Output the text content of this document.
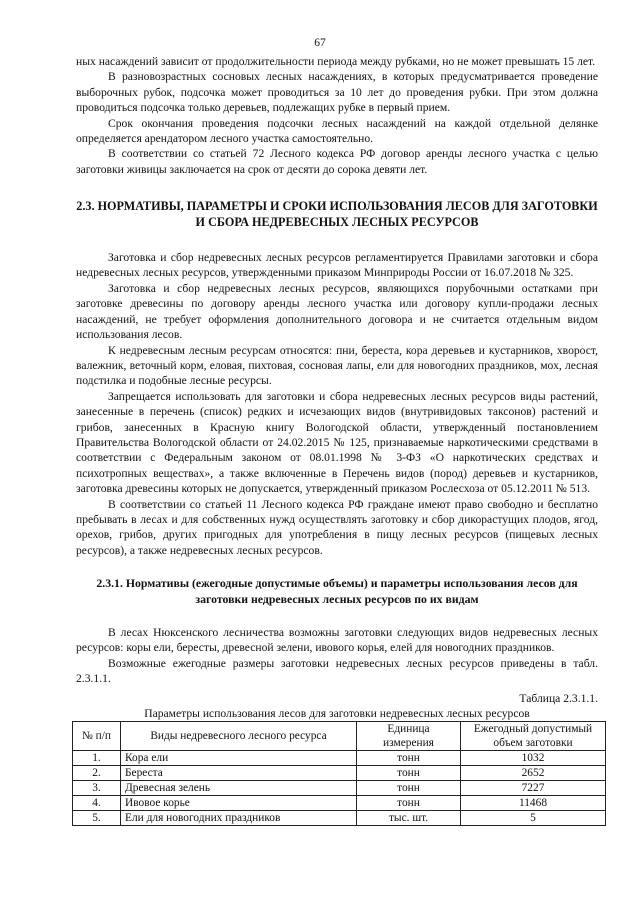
67

ных насаждений зависит от продолжительности периода между рубками, но не может превышать 15 лет.

В разновозрастных сосновых лесных насаждениях, в которых предусматривается проведение выборочных рубок, подсочка может проводиться за 10 лет до проведения рубки. При этом должна проводиться подсочка только деревьев, подлежащих рубке в первый прием.

Срок окончания проведения подсочки лесных насаждений на каждой отдельной делянке определяется арендатором лесного участка самостоятельно.

В соответствии со статьей 72 Лесного кодекса РФ договор аренды лесного участка с целью заготовки живицы заключается на срок от десяти до сорока девяти лет.

2.3. НОРМАТИВЫ, ПАРАМЕТРЫ И СРОКИ ИСПОЛЬЗОВАНИЯ ЛЕСОВ ДЛЯ ЗАГОТОВКИ И СБОРА НЕДРЕВЕСНЫХ ЛЕСНЫХ РЕСУРСОВ

Заготовка и сбор недревесных лесных ресурсов регламентируется Правилами заготовки и сбора недревесных лесных ресурсов, утвержденными приказом Минприроды России от 16.07.2018 № 325.

Заготовка и сбор недревесных лесных ресурсов, являющихся порубочными остатками при заготовке древесины по договору аренды лесного участка или договору купли-продажи лесных насаждений, не требует оформления дополнительного договора и не считается отдельным видом использования лесов.

К недревесным лесным ресурсам относятся: пни, береста, кора деревьев и кустарников, хворост, валежник, веточный корм, еловая, пихтовая, сосновая лапы, ели для новогодних праздников, мох, лесная подстилка и подобные лесные ресурсы.

Запрещается использовать для заготовки и сбора недревесных лесных ресурсов виды растений, занесенные в перечень (список) редких и исчезающих видов (внутривидовых таксонов) растений и грибов, занесенных в Красную книгу Вологодской области, утвержденный постановлением Правительства Вологодской области от 24.02.2015 № 125, признаваемые наркотическими средствами в соответствии с Федеральным законом от 08.01.1998 № 3-ФЗ «О наркотических средствах и психотропных веществах», а также включенные в Перечень видов (пород) деревьев и кустарников, заготовка древесины которых не допускается, утвержденный приказом Рослесхоза от 05.12.2011 № 513.

В соответствии со статьей 11 Лесного кодекса РФ граждане имеют право свободно и бесплатно пребывать в лесах и для собственных нужд осуществлять заготовку и сбор дикорастущих плодов, ягод, орехов, грибов, других пригодных для употребления в пищу лесных ресурсов (пищевых лесных ресурсов), а также недревесных лесных ресурсов.

2.3.1. Нормативы (ежегодные допустимые объемы) и параметры использования лесов для заготовки недревесных лесных ресурсов по их видам

В лесах Нюксенского лесничества возможны заготовки следующих видов недревесных лесных ресурсов: коры ели, бересты, древесной зелени, ивового корья, елей для новогодних праздников.

Возможные ежегодные размеры заготовки недревесных лесных ресурсов приведены в табл. 2.3.1.1.

Таблица 2.3.1.1.

Параметры использования лесов для заготовки недревесных лесных ресурсов

№ п/п	Виды недревесного лесного ресурса	Единица измерения	Ежегодный допустимый объем заготовки
1.	Кора ели	тонн	1032
2.	Береста	тонн	2652
3.	Древесная зелень	тонн	7227
4.	Ивовое корье	тонн	11468
5.	Ели для новогодних праздников	тыс. шт.	5
